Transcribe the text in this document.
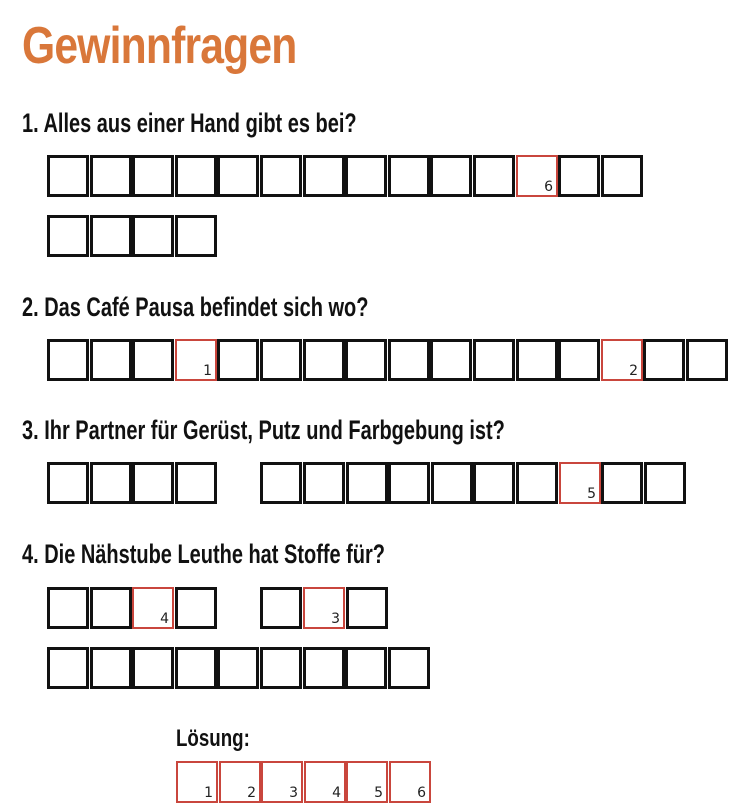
Gewinnfragen
1. Alles aus einer Hand gibt es bei?
6
2. Das Café Pausa befindet sich wo?
1	2
3. Ihr Partner für Gerüst, Putz und Farbgebung ist?
5
4. Die Nähstube Leuthe hat Stoffe für?
4	3
Lösung:
1 2 3 4 5 6
